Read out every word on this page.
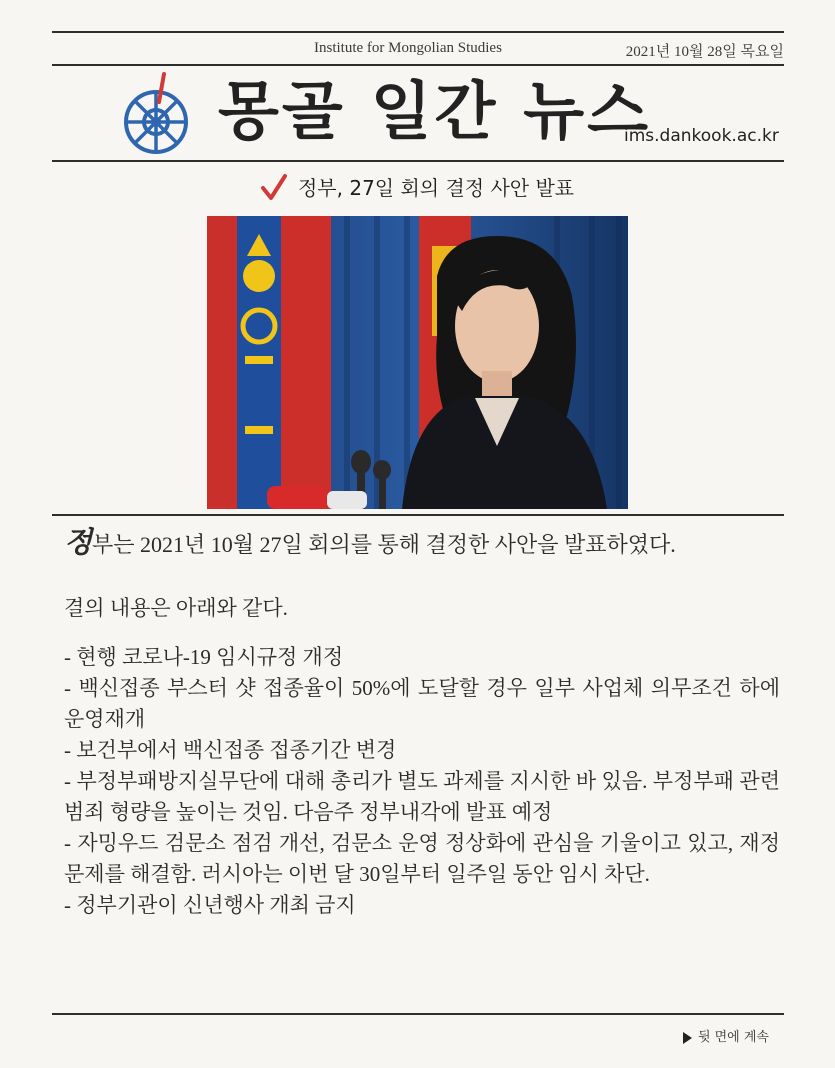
Institute for Mongolian Studies	2021년 10월 28일 목요일
몽골 일간 뉴스
ims.dankook.ac.kr
정부, 27일 회의 결정 사안 발표

정부는 2021년 10월 27일 회의를 통해 결정한 사안을 발표하였다.

결의 내용은 아래와 같다.
- 현행 코로나-19 임시규정 개정
- 백신접종 부스터 샷 접종율이 50%에 도달할 경우 일부 사업체 의무조건 하에 운영재개
- 보건부에서 백신접종 접종기간 변경
- 부정부패방지실무단에 대해 총리가 별도 과제를 지시한 바 있음. 부정부패 관련 범죄 형량을 높이는 것임. 다음주 정부내각에 발표 예정
- 자밍우드 검문소 점검 개선, 검문소 운영 정상화에 관심을 기울이고 있고, 재정 문제를 해결함. 러시아는 이번 달 30일부터 일주일 동안 임시 차단.
- 정부기관이 신년행사 개최 금지
뒷 면에 계속
